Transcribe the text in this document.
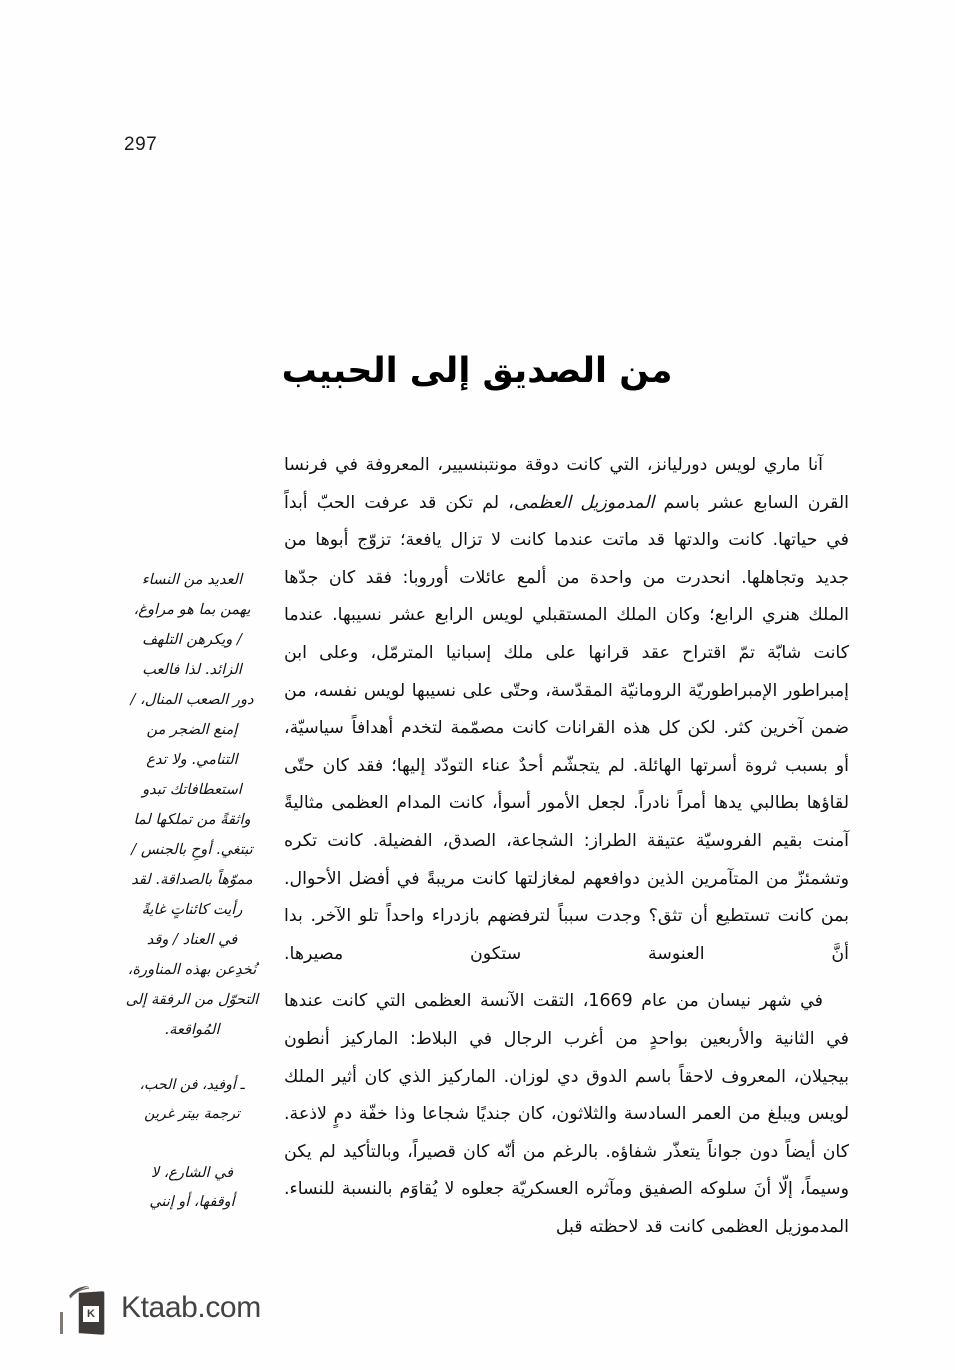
297
من الصديق إلى الحبيب

آنا ماري لويس دورليانز، التي كانت دوقة مونتبنسيير، المعروفة في فرنسا القرن السابع عشر باسم المدموزيل العظمى، لم تكن قد عرفت الحبّ أبداً في حياتها. كانت والدتها قد ماتت عندما كانت لا تزال يافعة؛ تزوّج أبوها من جديد وتجاهلها. انحدرت من واحدة من ألمع عائلات أوروبا: فقد كان جدّها الملك هنري الرابع؛ وكان الملك المستقبلي لويس الرابع عشر نسيبها. عندما كانت شابّة تمّ اقتراح عقد قرانها على ملك إسبانيا المترمّل، وعلى ابن إمبراطور الإمبراطوريّة الرومانيّة المقدّسة، وحتّى على نسيبها لويس نفسه، من ضمن آخرين كثر. لكن كل هذه القرانات كانت مصمّمة لتخدم أهدافاً سياسيّة، أو بسبب ثروة أسرتها الهائلة. لم يتجشّم أحدٌ عناء التودّد إليها؛ فقد كان حتّى لقاؤها بطالبي يدها أمراً نادراً. لجعل الأمور أسوأ، كانت المدام العظمى مثاليةً آمنت بقيم الفروسيّة عتيقة الطراز: الشجاعة، الصدق، الفضيلة. كانت تكره وتشمئزّ من المتآمرين الذين دوافعهم لمغازلتها كانت مريبةً في أفضل الأحوال. بمن كانت تستطيع أن تثق؟ وجدت سبباً لترفضهم بازدراء واحداً تلو الآخر. بدا أنَّ العنوسة ستكون مصيرها.

في شهر نيسان من عام 1669، التقت الآنسة العظمى التي كانت عندها في الثانية والأربعين بواحدٍ من أغرب الرجال في البلاط: الماركيز أنطون بيجيلان، المعروف لاحقاً باسم الدوق دي لوزان. الماركيز الذي كان أثير الملك لويس ويبلغ من العمر السادسة والثلاثون، كان جنديًا شجاعا وذا خفّة دمٍ لاذعة. كان أيضاً دون جواناً يتعذّر شفاؤه. بالرغم من أنّه كان قصيراً، وبالتأكيد لم يكن وسيماً، إلّا أنَ سلوكه الصفيق ومآثره العسكريّة جعلوه لا يُقاوَم بالنسبة للنساء. المدموزيل العظمى كانت قد لاحظته قبل

العديد من النساء
يهمن بما هو مراوغ،
/ ويكرهن التلهف
الزائد. لذا فالعب
دور الصعب المنال، /
إمنع الضجر من
التنامي. ولا تدع
استعطافاتك تبدو
واثقةً من تملكها لما
تبتغي. أوحِ بالجنس /
مموّهاً بالصداقة. لقد
رأيت كائناتٍ غايةً
في العناد / وقد
نُخدِعن بهذه المناورة،
التحوّل من الرفقة إلى
المُواقعة.

ـ أوفيد، فن الحب،
ترجمة بيتر غرين

في الشارع، لا
أوقفها، أو إنني

K Ktaab.com
